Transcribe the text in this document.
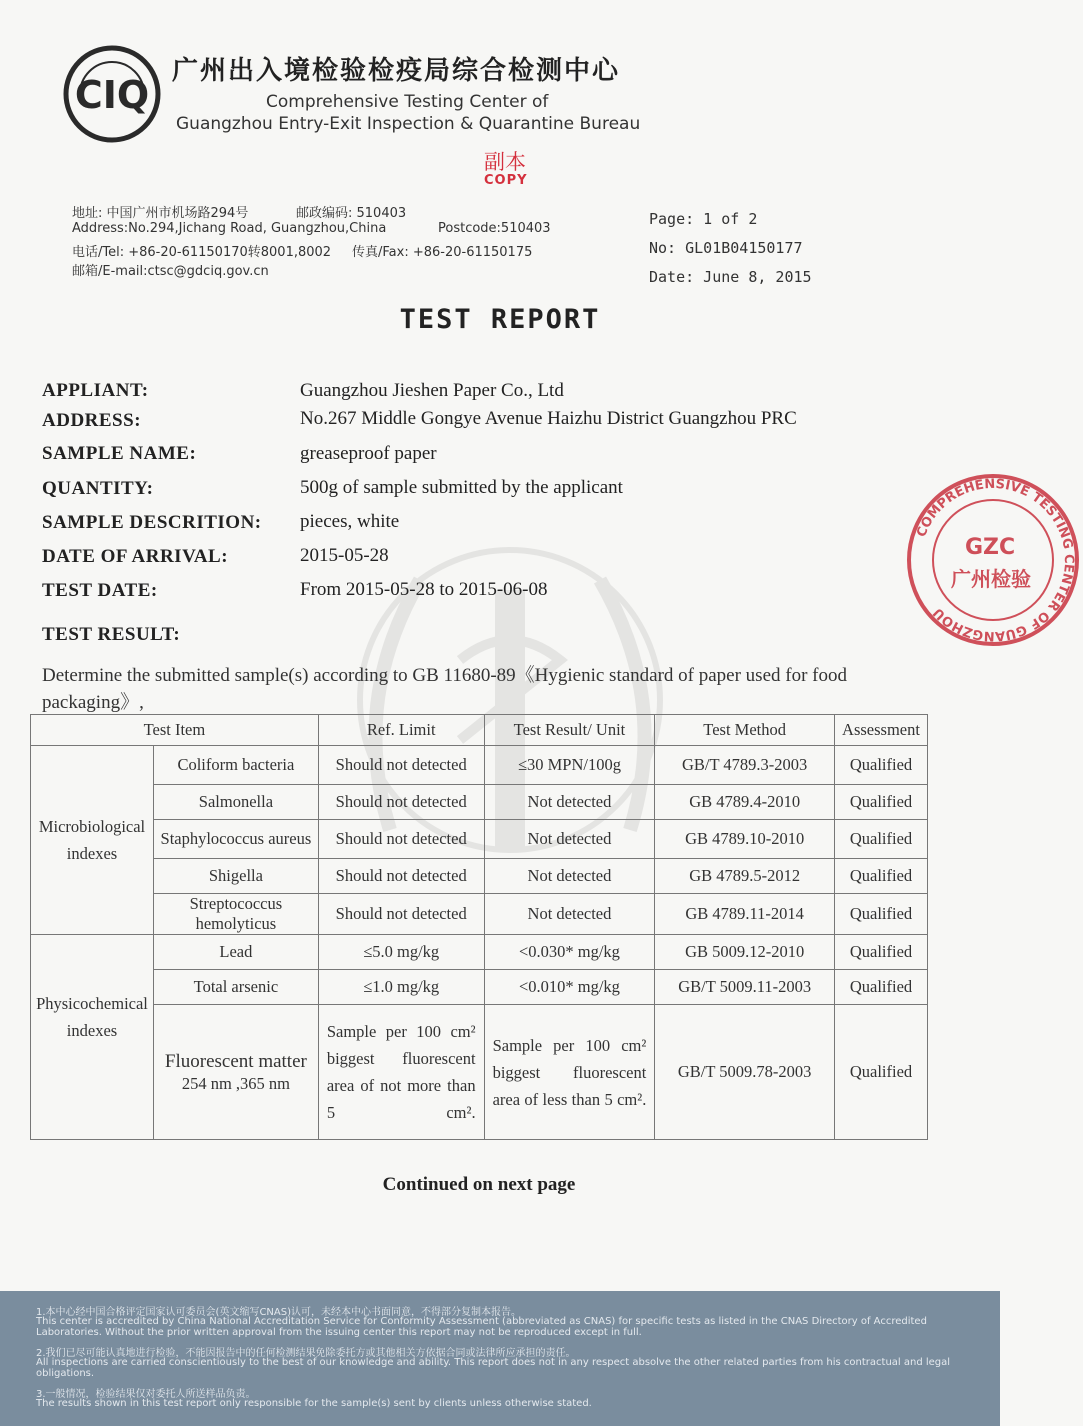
CIQ
广州出入境检验检疫局综合检测中心
Comprehensive Testing Center of
Guangzhou Entry-Exit Inspection & Quarantine Bureau
副本
COPY
地址: 中国广州市机场路294号	邮政编码: 510403
Address:No.294,Jichang Road, Guangzhou,China	Postcode:510403
电话/Tel: +86-20-61150170转8001,8002 传真/Fax: +86-20-61150175
邮箱/E-mail:ctsc@gdciq.gov.cn
Page: 1 of 2
No: GL01B04150177
Date: June 8, 2015
TEST REPORT
APPLIANT:	Guangzhou Jieshen Paper Co., Ltd
ADDRESS:	No.267 Middle Gongye Avenue Haizhu District Guangzhou PRC
SAMPLE NAME:	greaseproof paper
QUANTITY:	500g of sample submitted by the applicant
SAMPLE DESCRITION: pieces, white
DATE OF ARRIVAL:	2015-05-28
TEST DATE:	From 2015-05-28 to 2015-06-08
TEST RESULT:
Determine the submitted sample(s) according to GB 11680-89《Hygienic standard of paper used for food packaging》,
Test Item		Ref. Limit	Test Result/ Unit	Test Method	Assessment

Microbiological indexes	Coliform bacteria	Should not detected	≤30 MPN/100g	GB/T 4789.3-2003	Qualified
	Salmonella	Should not detected	Not detected	GB 4789.4-2010	Qualified
	Staphylococcus aureus	Should not detected	Not detected	GB 4789.10-2010	Qualified
	Shigella	Should not detected	Not detected	GB 4789.5-2012	Qualified
	Streptococcus hemolyticus	Should not detected	Not detected	GB 4789.11-2014	Qualified

Physicochemical indexes	Lead	≤5.0 mg/kg	<0.030* mg/kg	GB 5009.12-2010	Qualified
	Total arsenic	≤1.0 mg/kg	<0.010* mg/kg	GB/T 5009.11-2003	Qualified

	Fluorescent matter
254 nm ,365 nm	Sample per 100 cm² biggest fluorescent area of not more than 5 cm².	Sample per 100 cm² biggest fluorescent area of less than 5 cm².	GB/T 5009.78-2003	Qualified
Continued on next page
COMPREHENSIVE TESTING CENTER OF GUANGZHOU
GZC
广州检验
1.本中心经中国合格评定国家认可委员会(英文缩写CNAS)认可，未经本中心书面同意，不得部分复制本报告。
This center is accredited by China National Accreditation Service for Conformity Assessment (abbreviated as CNAS) for specific tests as listed in the CNAS Directory of Accredited
Laboratories. Without the prior written approval from the issuing center this report may not be reproduced except in full.
2.我们已尽可能认真地进行检验，不能因报告中的任何检测结果免除委托方或其他相关方依据合同或法律所应承担的责任。
All inspections are carried conscientiously to the best of our knowledge and ability. This report does not in any respect absolve the other related parties from his contractual and legal
obligations.
3.一般情况，检验结果仅对委托人所送样品负责。
The results shown in this test report only responsible for the sample(s) sent by clients unless otherwise stated.
